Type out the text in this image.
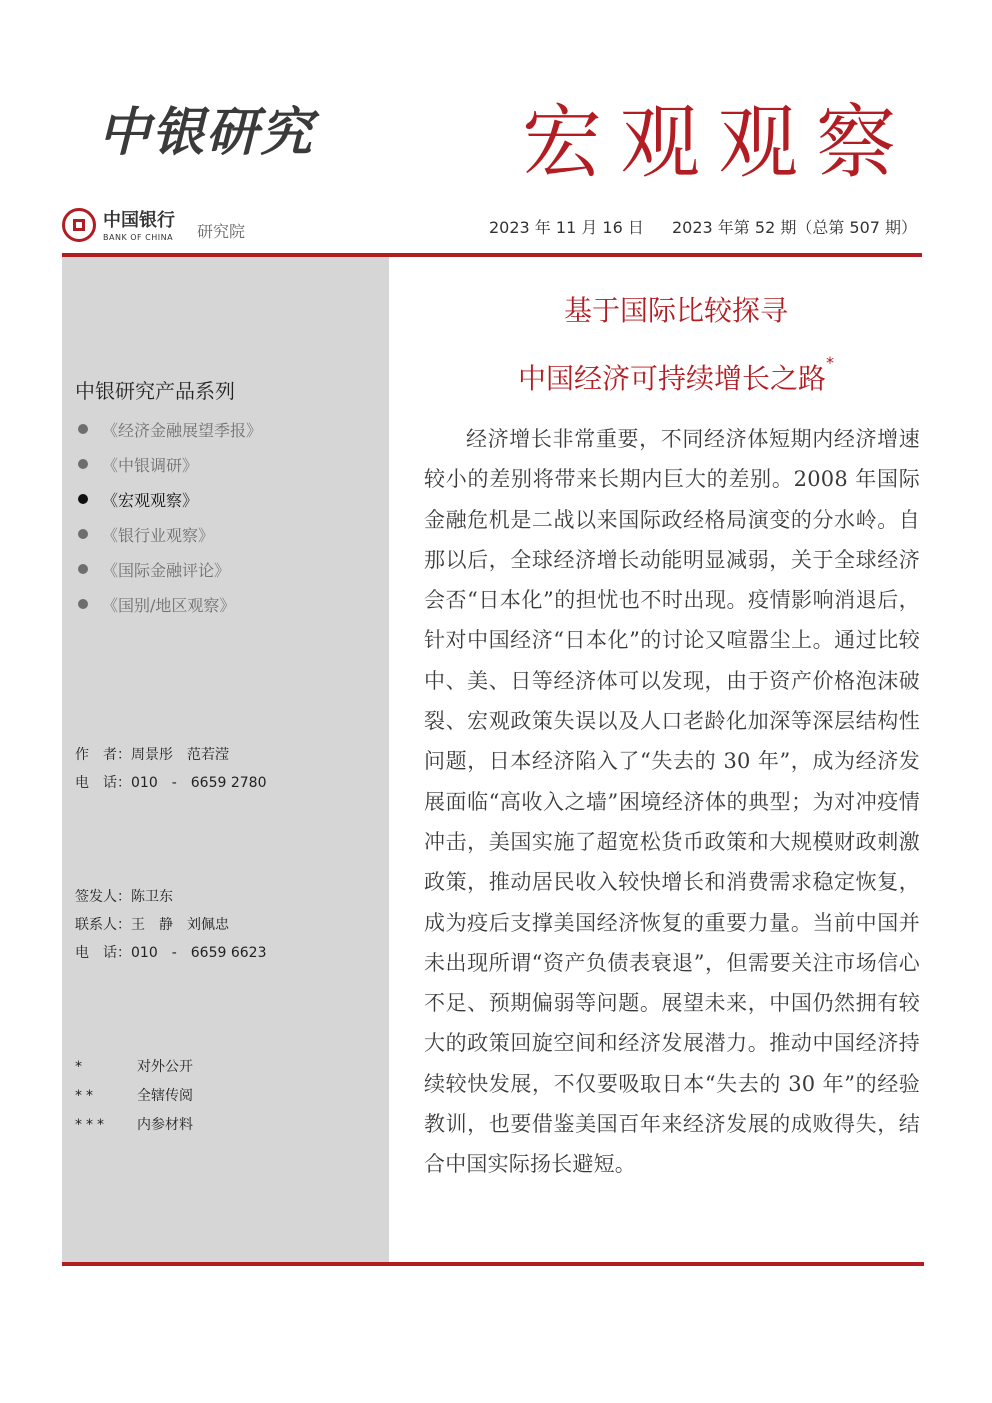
中银研究	宏观观察
中国银行
BANK OF CHINA 研究院	2023 年 11 月 16 日 2023 年第 52 期（总第 507 期）
中银研究产品系列
《经济金融展望季报》
《中银调研》
《宏观观察》
《银行业观察》
《国际金融评论》
《国别/地区观察》
作　者： 周景彤　范若滢
电　话： 010　-　6659 2780
签发人： 陈卫东
联系人： 王　静　刘佩忠
电　话： 010　-　6659 6623
*	对外公开
**	全辖传阅
***	内参材料
基于国际比较探寻
中国经济可持续增长之路*

经济增长非常重要，不同经济体短期内经济增速较小的差别将带来长期内巨大的差别。2008 年国际金融危机是二战以来国际政经格局演变的分水岭。自那以后，全球经济增长动能明显减弱，关于全球经济会否“日本化”的担忧也不时出现。疫情影响消退后，针对中国经济“日本化”的讨论又喧嚣尘上。通过比较中、美、日等经济体可以发现，由于资产价格泡沫破裂、宏观政策失误以及人口老龄化加深等深层结构性问题，日本经济陷入了“失去的 30 年”，成为经济发展面临“高收入之墙”困境经济体的典型；为对冲疫情冲击，美国实施了超宽松货币政策和大规模财政刺激政策，推动居民收入较快增长和消费需求稳定恢复，成为疫后支撑美国经济恢复的重要力量。当前中国并未出现所谓“资产负债表衰退”，但需要关注市场信心不足、预期偏弱等问题。展望未来，中国仍然拥有较大的政策回旋空间和经济发展潜力。推动中国经济持续较快发展，不仅要吸取日本“失去的 30 年”的经验教训，也要借鉴美国百年来经济发展的成败得失，结合中国实际扬长避短。
